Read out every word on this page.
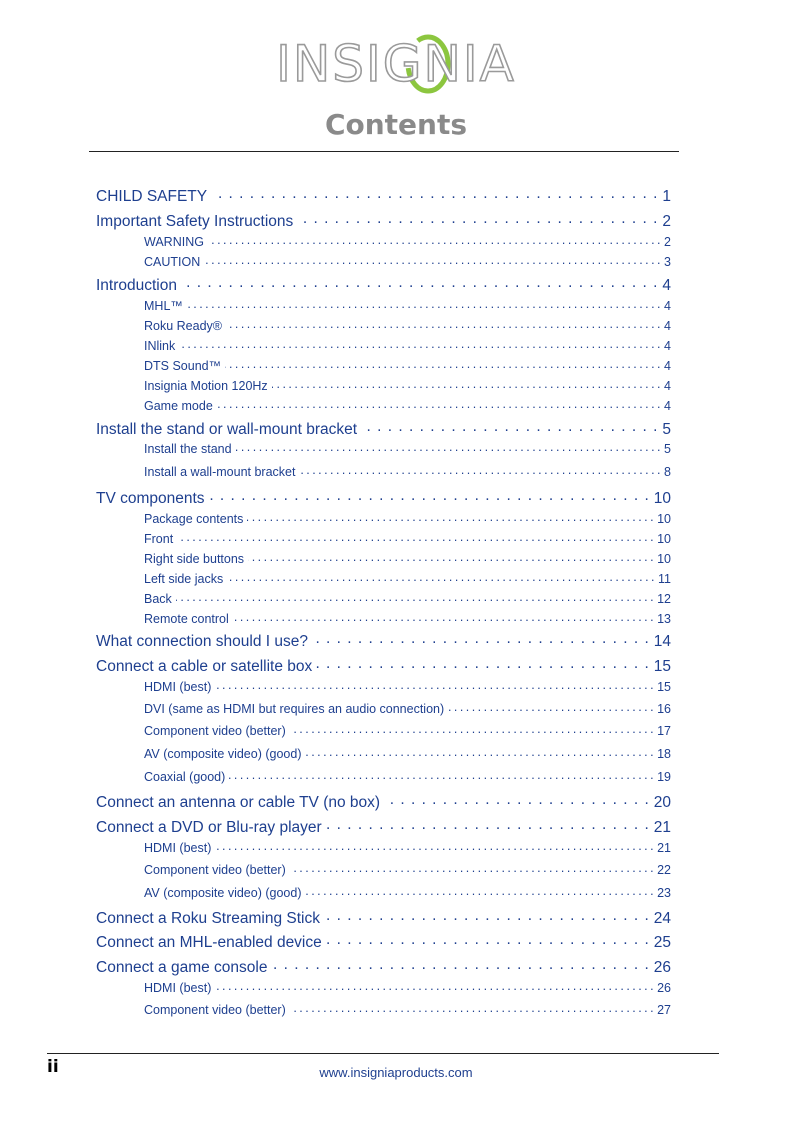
INSIGNIA
Contents
CHILD SAFETY . . .	1
Important Safety Instructions . . .	2
WARNING . . .	2
CAUTION . . .	3
Introduction . . .	4
MHL™ . . .	4
Roku Ready® . . .	4
INlink . . .	4
DTS Sound™ . . .	4
Insignia Motion 120Hz . . .	4
Game mode . . .	4
Install the stand or wall-mount bracket . . .	5
Install the stand . . .	5
Install a wall-mount bracket . . .	8
TV components . . .	10
Package contents . . .	10
Front . . .	10
Right side buttons . . .	10
Left side jacks . . .	11
Back . . .	12
Remote control . . .	13
What connection should I use? . . .	14
Connect a cable or satellite box . . .	15
HDMI (best) . . .	15
DVI (same as HDMI but requires an audio connection) . . .	16
Component video (better) . . .	17
AV (composite video) (good) . . .	18
Coaxial (good) . . .	19
Connect an antenna or cable TV (no box) . . .	20
Connect a DVD or Blu-ray player . . .	21
HDMI (best) . . .	21
Component video (better) . . .	22
AV (composite video) (good) . . .	23
Connect a Roku Streaming Stick . . .	24
Connect an MHL-enabled device . . .	25
Connect a game console . . .	26
HDMI (best) . . .	26
Component video (better) . . .	27
ii	www.insigniaproducts.com
